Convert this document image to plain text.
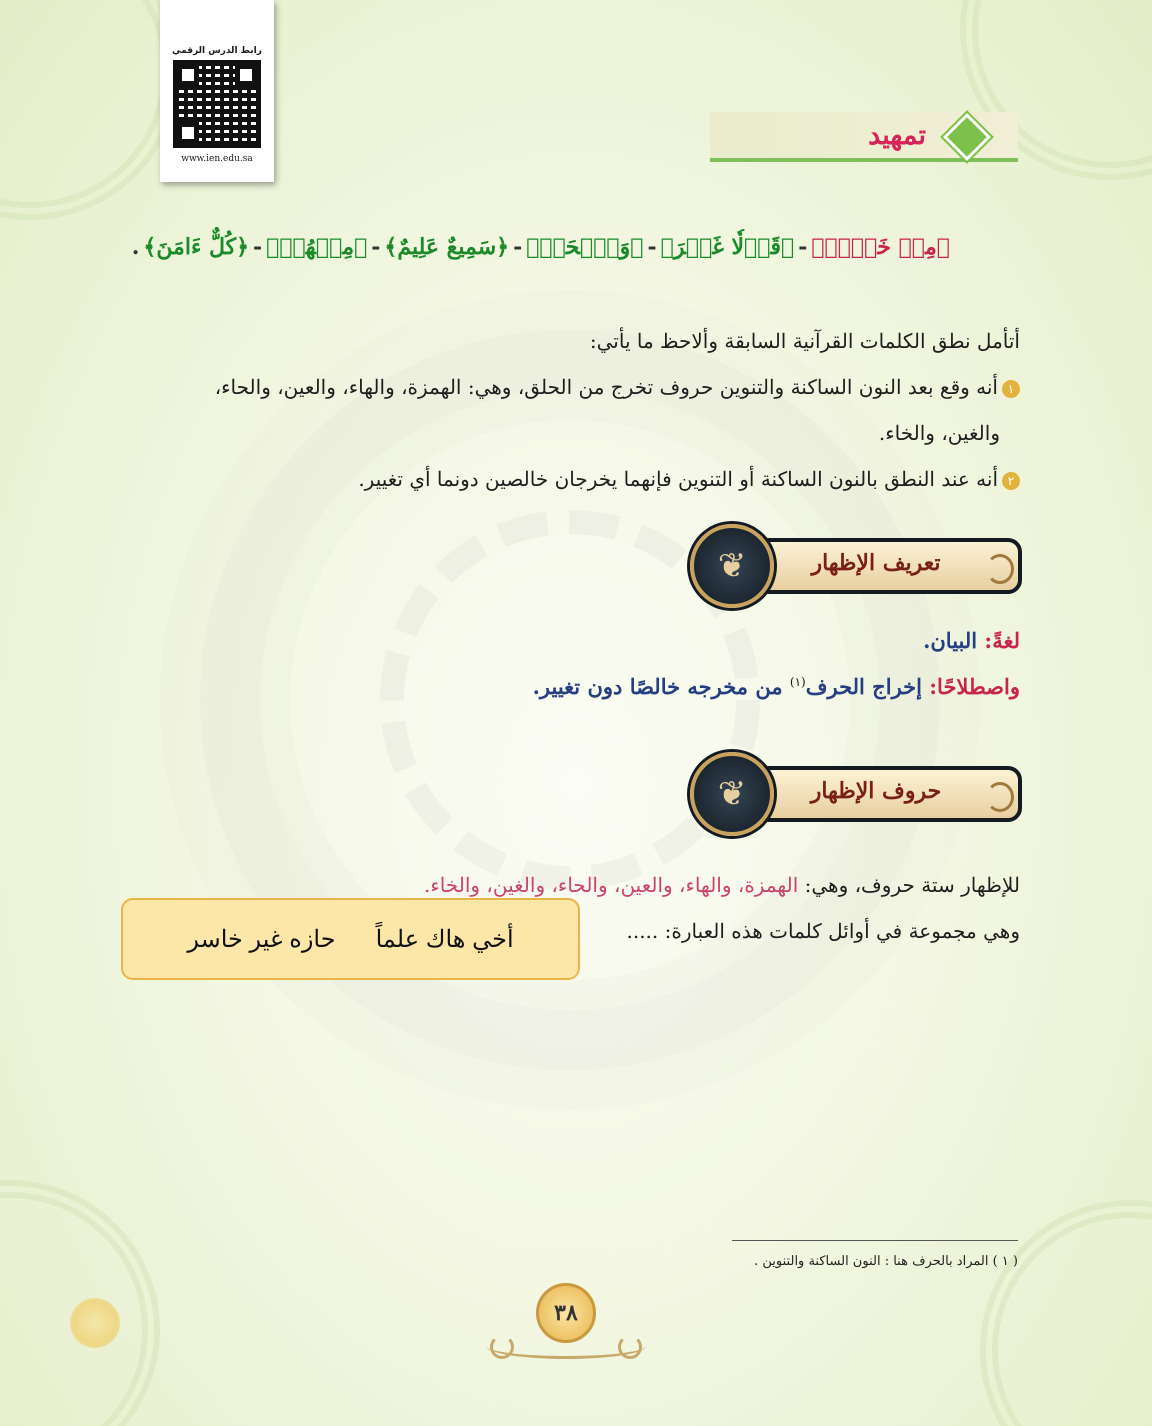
رابط الدرس الرقمي
www.ien.edu.sa
تمهيد
﴿مِنۡ خَيۡرٖ﴾-﴿قَوۡلٗا غَيۡرَ﴾-﴿وَٱنۡحَرۡ﴾-﴿سَمِيعٌ عَلِيمٌ﴾-﴿مِنۡهُمۡ﴾-﴿كُلٌّ ءَامَنَ﴾.

أتأمل نطق الكلمات القرآنية السابقة وألاحظ ما يأتي:

١أنه وقع بعد النون الساكنة والتنوين حروف تخرج من الحلق، وهي: الهمزة، والهاء، والعين، والحاء،

والغين، والخاء.

٢أنه عند النطق بالنون الساكنة أو التنوين فإنهما يخرجان خالصين دونما أي تغيير.

❦	تعريف الإظهار

لغةً: البيان.

واصطلاحًا: إخراج الحرف$^{(١)}$ من مخرجه خالصًا دون تغيير.

❦	حروف الإظهار

للإظهار ستة حروف، وهي: الهمزة، والهاء، والعين، والحاء، والغين، والخاء.

وهي مجموعة في أوائل كلمات هذه العبارة: .....

أخي هاك علماً
حازه غير خاسر

( ١ ) المراد بالحرف هنا : النون الساكنة والتنوين .

٣٨
